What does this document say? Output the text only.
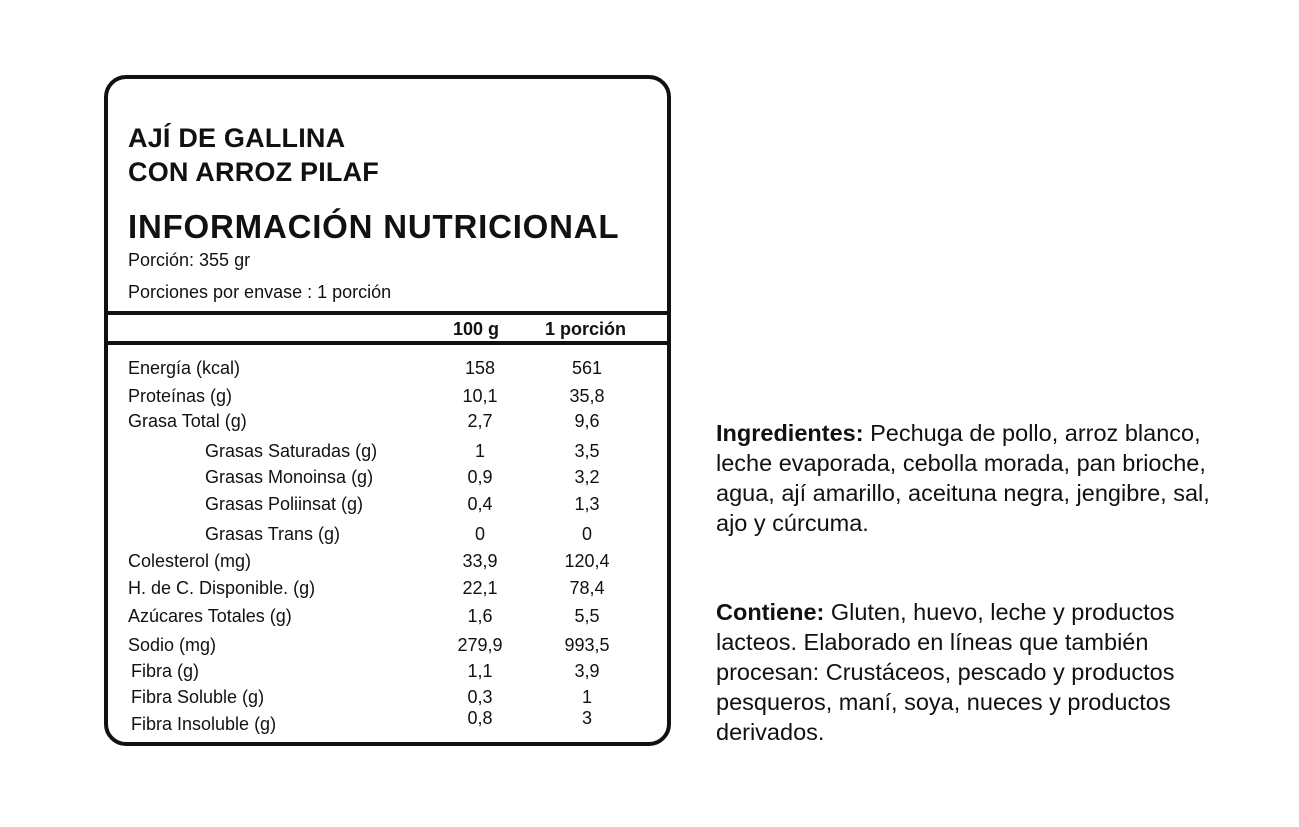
AJÍ DE GALLINA
CON ARROZ PILAF

INFORMACIÓN NUTRICIONAL

Porción: 355 gr
Porciones por envase : 1 porción
100 g	1 porción
Energía (kcal)	158	561
Proteínas (g)	10,1	35,8
Grasa Total (g)	2,7	9,6
Grasas Saturadas (g)	1	3,5
Grasas Monoinsa (g)	0,9	3,2
Grasas Poliinsat (g)	0,4	1,3
Grasas Trans (g)	0	0
Colesterol (mg)	33,9	120,4
H. de C. Disponible. (g)	22,1	78,4
Azúcares Totales (g)	1,6	5,5
Sodio (mg)	279,9	993,5
Fibra (g)	1,1	3,9
Fibra Soluble (g)	0,3	1
Fibra Insoluble (g)	0,8	3

Ingredientes: Pechuga de pollo, arroz blanco, leche evaporada, cebolla morada, pan brioche, agua, ají amarillo, aceituna negra, jengibre, sal, ajo y cúrcuma.

Contiene: Gluten, huevo, leche y productos lacteos. Elaborado en líneas que también procesan: Crustáceos, pescado y productos pesqueros, maní, soya, nueces y productos derivados.
